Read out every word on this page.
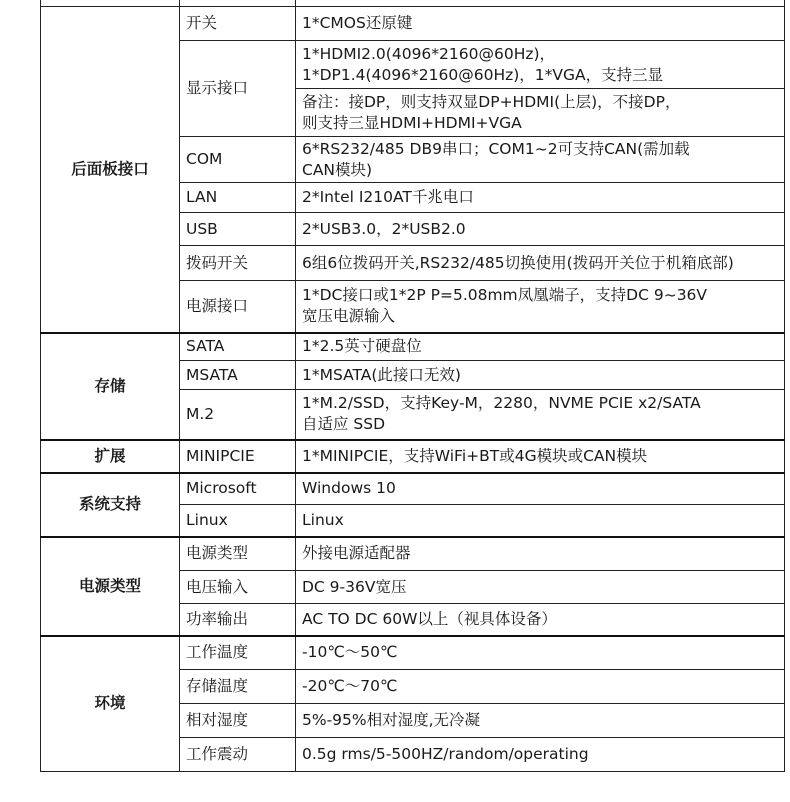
后面板接口	开关	1*CMOS还原键

	显示接口	1*HDMI2.0(4096*2160@60Hz)，
1*DP1.4(4096*2160@60Hz)，1*VGA，支持三显

		备注：接DP，则支持双显DP+HDMI(上层)，不接DP，
则支持三显HDMI+HDMI+VGA

	COM	6*RS232/485 DB9串口；COM1~2可支持CAN(需加载
CAN模块)

	LAN	2*Intel I210AT千兆电口

	USB	2*USB3.0，2*USB2.0

	拨码开关	6组6位拨码开关,RS232/485切换使用(拨码开关位于机箱底部)

	电源接口	1*DC接口或1*2P P=5.08mm凤凰端子，支持DC 9~36V
宽压电源输入

存储	SATA	1*2.5英寸硬盘位

	MSATA	1*MSATA(此接口无效)

	M.2	1*M.2/SSD，支持Key-M，2280，NVME PCIE x2/SATA
自适应 SSD

扩展	MINIPCIE	1*MINIPCIE，支持WiFi+BT或4G模块或CAN模块

系统支持	Microsoft	Windows 10

	Linux	Linux

电源类型	电源类型	外接电源适配器

	电压输入	DC 9-36V宽压

	功率输出	AC TO DC 60W以上（视具体设备）

环境	工作温度	-10℃～50℃

	存储温度	-20℃～70℃

	相对湿度	5%-95%相对湿度,无冷凝

	工作震动	0.5g rms/5-500HZ/random/operating
